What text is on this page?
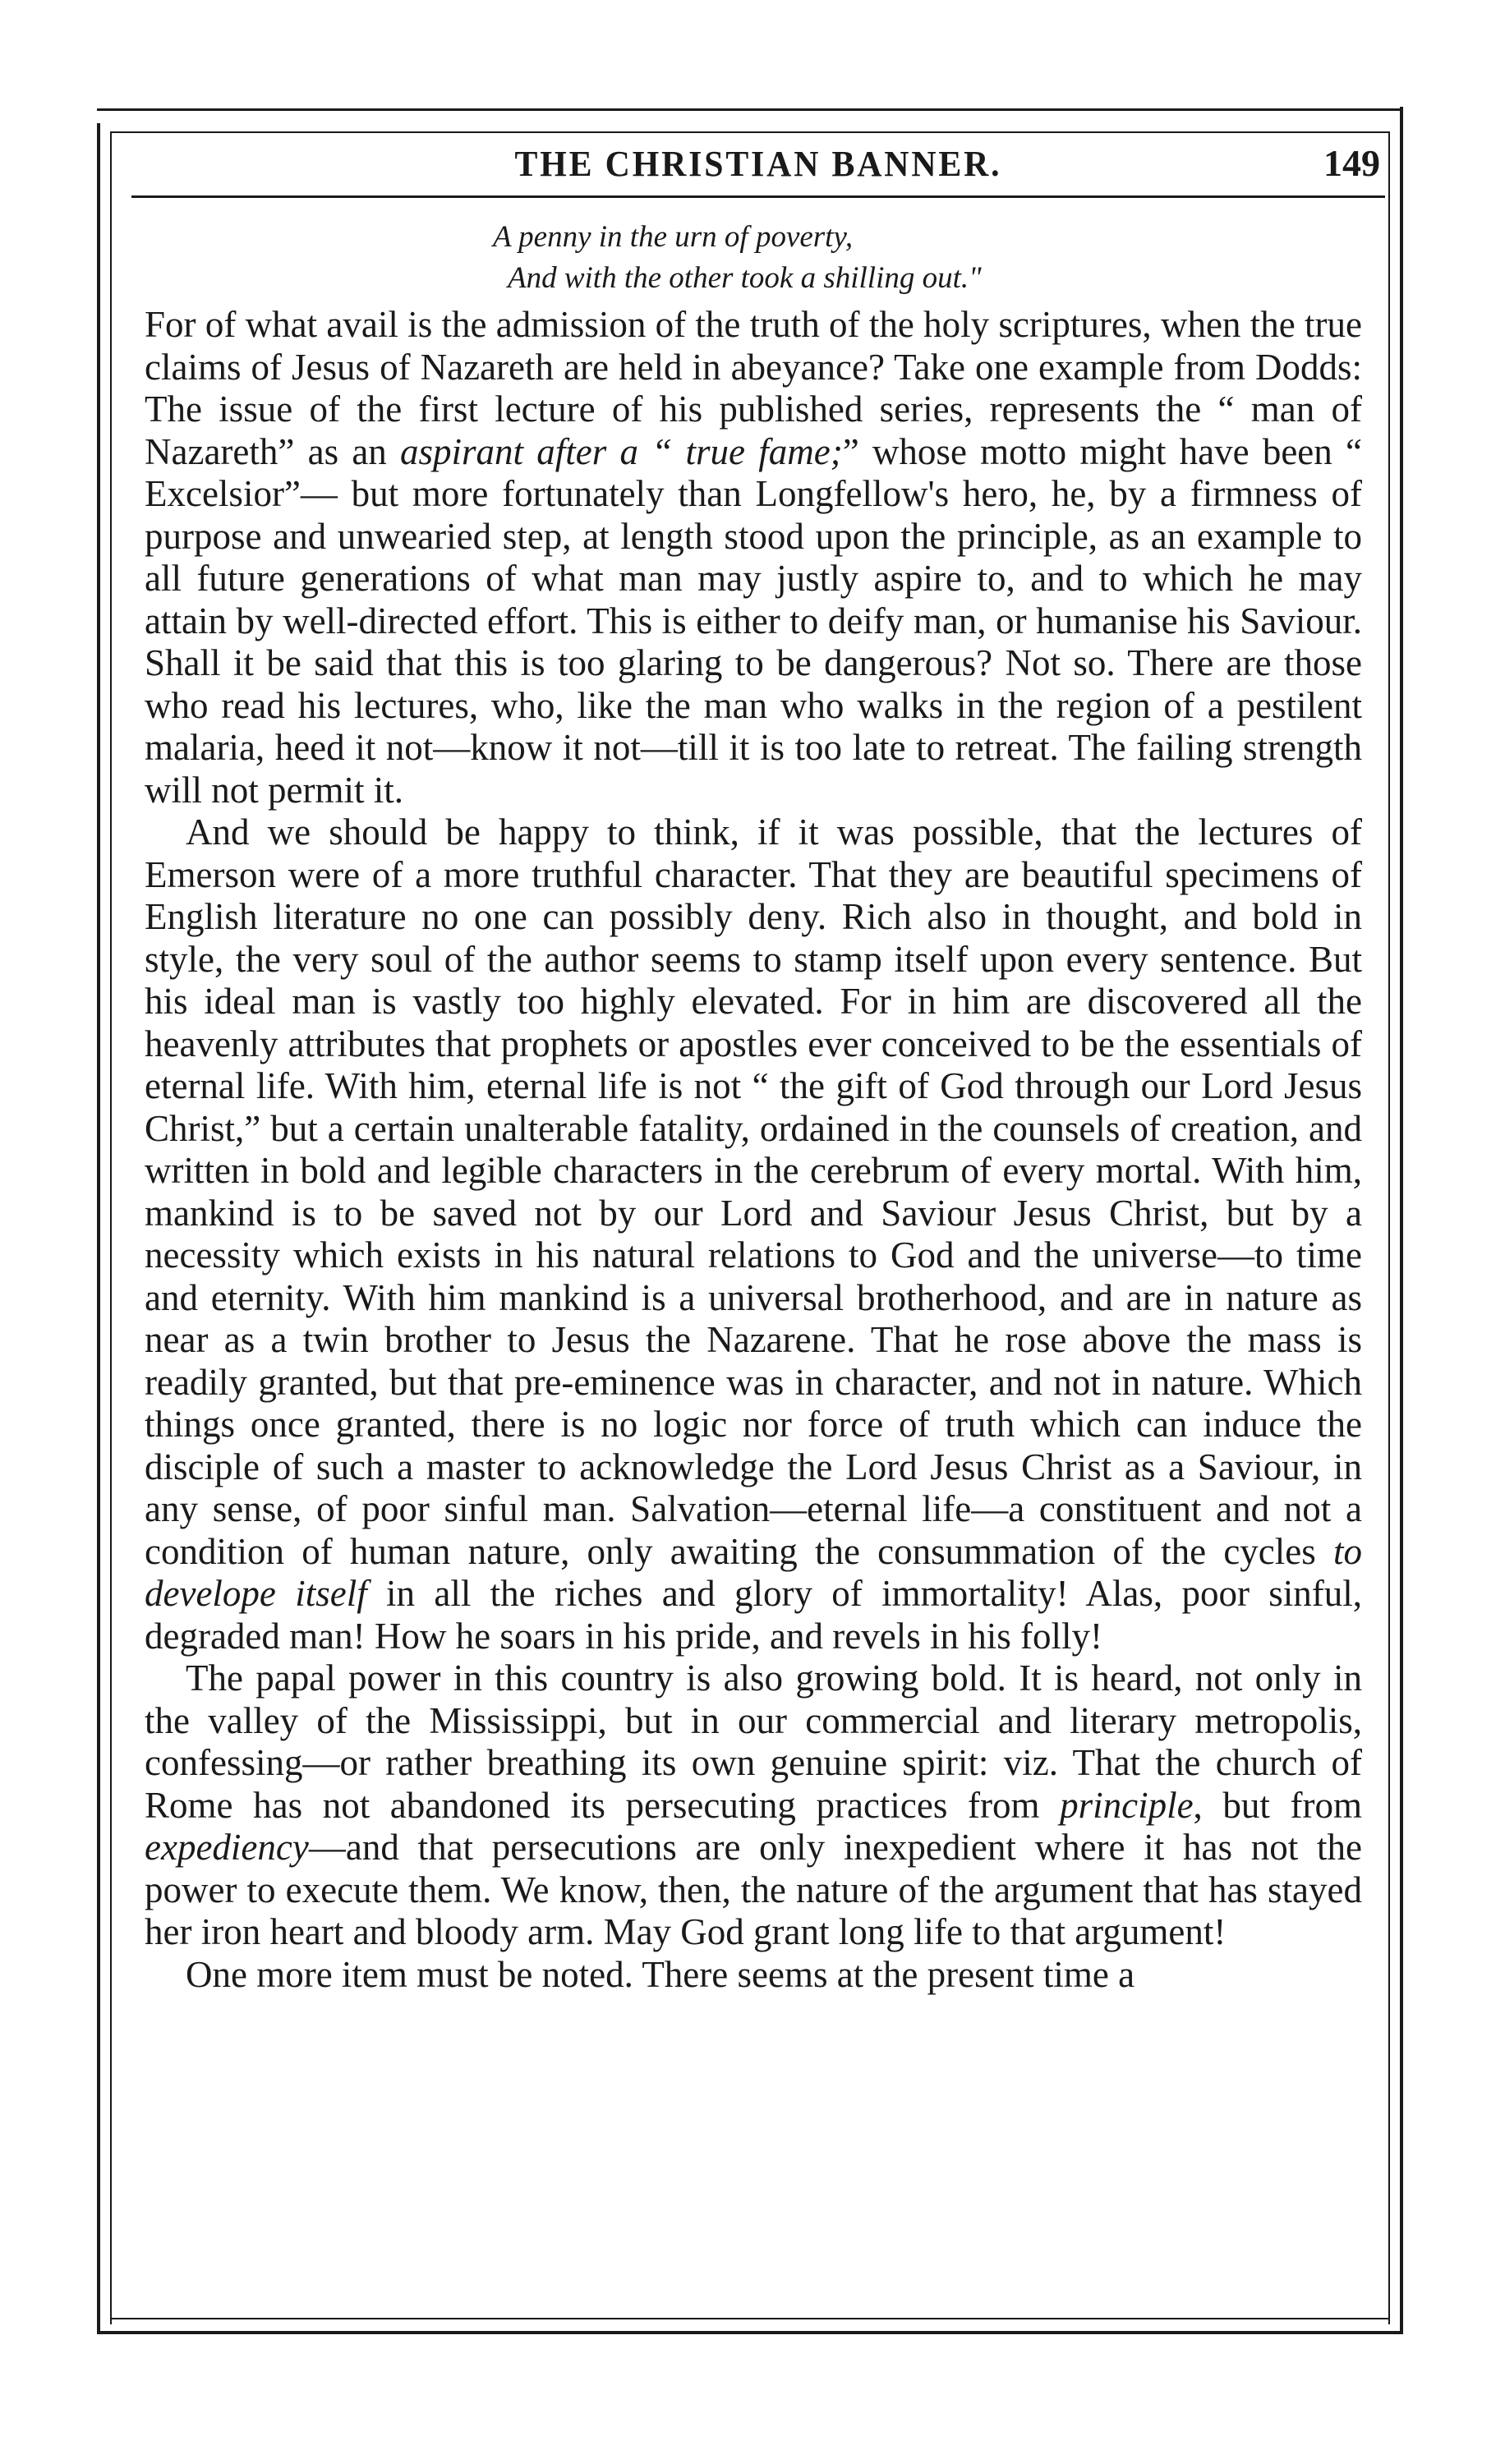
THE CHRISTIAN BANNER.	149
A penny in the urn of poverty,
And with the other took a shilling out."

For of what avail is the admission of the truth of the holy scriptures, when the true claims of Jesus of Nazareth are held in abeyance? Take one example from Dodds: The issue of the first lecture of his published series, represents the “ man of Nazareth” as an aspirant after a “ true fame;” whose motto might have been “ Excelsior”— but more fortunately than Longfellow's hero, he, by a firmness of purpose and unwearied step, at length stood upon the principle, as an example to all future generations of what man may justly aspire to, and to which he may attain by well-directed effort. This is either to deify man, or humanise his Saviour. Shall it be said that this is too glaring to be dangerous? Not so. There are those who read his lectures, who, like the man who walks in the region of a pestilent malaria, heed it not—know it not—till it is too late to retreat. The failing strength will not permit it.

And we should be happy to think, if it was possible, that the lectures of Emerson were of a more truthful character. That they are beautiful specimens of English literature no one can possibly deny. Rich also in thought, and bold in style, the very soul of the author seems to stamp itself upon every sentence. But his ideal man is vastly too highly elevated. For in him are discovered all the heavenly attributes that prophets or apostles ever conceived to be the essentials of eternal life. With him, eternal life is not “ the gift of God through our Lord Jesus Christ,” but a certain unalterable fatality, ordained in the counsels of creation, and written in bold and legible characters in the cerebrum of every mortal. With him, mankind is to be saved not by our Lord and Saviour Jesus Christ, but by a necessity which exists in his natural relations to God and the universe—to time and eternity. With him mankind is a universal brotherhood, and are in nature as near as a twin brother to Jesus the Nazarene. That he rose above the mass is readily granted, but that pre-eminence was in character, and not in nature. Which things once granted, there is no logic nor force of truth which can induce the disciple of such a master to acknowledge the Lord Jesus Christ as a Saviour, in any sense, of poor sinful man. Salvation—eternal life—a constituent and not a condition of human nature, only awaiting the consummation of the cycles to develope itself in all the riches and glory of immortality! Alas, poor sinful, degraded man! How he soars in his pride, and revels in his folly!

The papal power in this country is also growing bold. It is heard, not only in the valley of the Mississippi, but in our commercial and literary metropolis, confessing—or rather breathing its own genuine spirit: viz. That the church of Rome has not abandoned its persecuting practices from principle, but from expediency—and that persecutions are only inexpedient where it has not the power to execute them. We know, then, the nature of the argument that has stayed her iron heart and bloody arm. May God grant long life to that argument!

One more item must be noted. There seems at the present time a
